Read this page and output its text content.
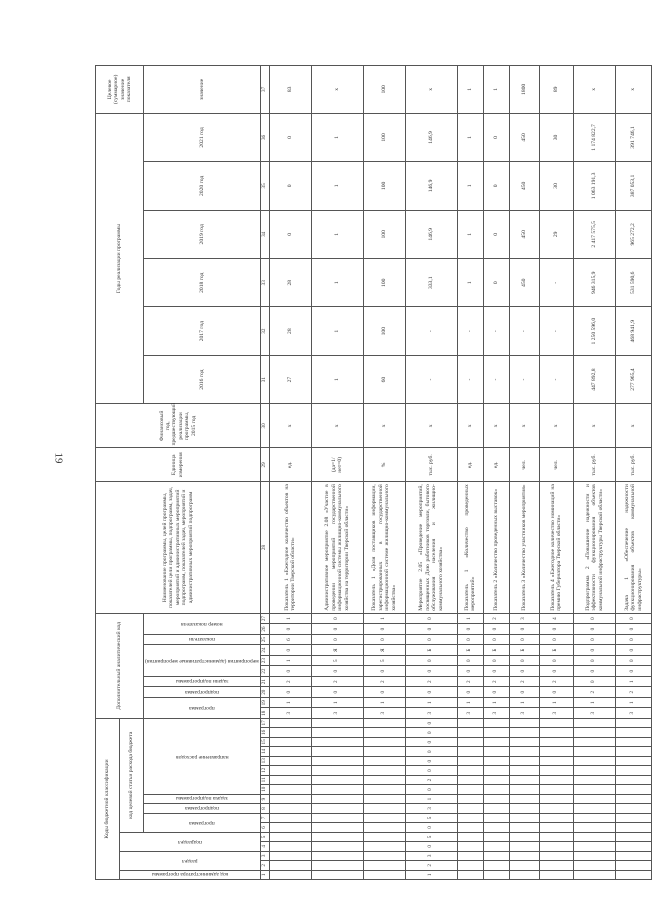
19
Коды бюджетной классификации																	Дополнительный аналитический код										Наименование программы, целей программы, показателей цели программы, подпрограмм, задач, мероприятий и административных мероприятий подпрограмм, показателей задач, мероприятий и административных мероприятий подпрограмм	Единица измерения	Финансовый год, предшествующий реализации программы, 2015 год	Годы реализации программы						Целевое (суммарное) значение показателя

код администратора программы	раздел		подраздел		код целевой статьи расхода бюджета																															

					программа		подпрограмма	задача подпрограммы	направление расходов								программа		подпрограмма	задачи подпрограммы	мероприятия (административные мероприятия)			показатели	номер показателя					2016 год	2017 год	2018 год	2019 год	2020 год	2021 год	значение
1	2	3	4	5	6	7	8	9	10	11	12	13	14	15	16	17	18	19	20	21	22	23	24	25	26	27	28	29	30	31	32	33	34	35	36	37
																	3	1	0	2	0	1	0	6	0	1	Показатель 1 «Ежегодное количество объектов на территории Тверской области»	ед.	x	27	28	28	0	0	0	83
																	3	1	0	2	0	5	Я	0	0	0	Административное мероприятие 2.08 «Участие в проведении мероприятий государственной информационной системы жилищно-коммунального хозяйства на территории Тверской области»	(да=1/нет=0)	x	1	1	1	1	1	1	x
																	3	1	0	2	0	5	Я	0	0	1	Показатель 1 «Доля поставщиков информации, зарегистрированных в государственной информационной системе жилищно-коммунального хозяйства»	%	x	60	100	100	100	100	100	100
1	2	3	0	5	0	5	3	1	0	2	0	0	0	0	0	0	3	1	0	2	0	0	Б	0	0	0	Мероприятие 2.05 «Проведение мероприятий, посвященных Дню работников торговли, бытового обслуживания населения и жилищно-коммунального хозяйства»	тыс. руб.	x	-	-	333,1	146,9	146,9	146,9	x
																	3	1	0	2	0	0	Б	0	0	1	Показатель 1 «Количество проведенных мероприятий»	ед.	x	-	-	1	1	1	1	1
																	3	1	0	2	0	0	Б	0	0	2	Показатель 2 «Количество проведенных выставок»	ед.	x	-	-	0	0	0	0	1
																	3	1	0	2	0	0	Б	0	0	3	Показатель 3 «Количество участников мероприятия»	чел.	x	-	-	450	450	450	450	1800
																	3	1	0	2	0	0	Б	0	0	4	Показатель 4 «Ежегодное количество номинаций на премию Губернатора Тверской области»	чел.	x	-	-	-	29	30	30	89
																	3	1	2	0	0	0	0	0	0	0	Подпрограмма 2 «Повышение надежности и эффективности функционирования объектов коммунальной инфраструктуры Тверской области»	тыс. руб.	x	447 892,8	1 250 596,0	946 315,9	2 417 575,5	1 063 191,3	1 174 822,7	x
																	3	1	2	1	0	0	0	0	0	0	Задача 1 «Обеспечение надежности функционирования объектов коммунальной инфраструктуры»	тыс. руб.	x	277 965,4	468 941,9	531 590,6	965 272,2	387 053,1	391 746,1	x
